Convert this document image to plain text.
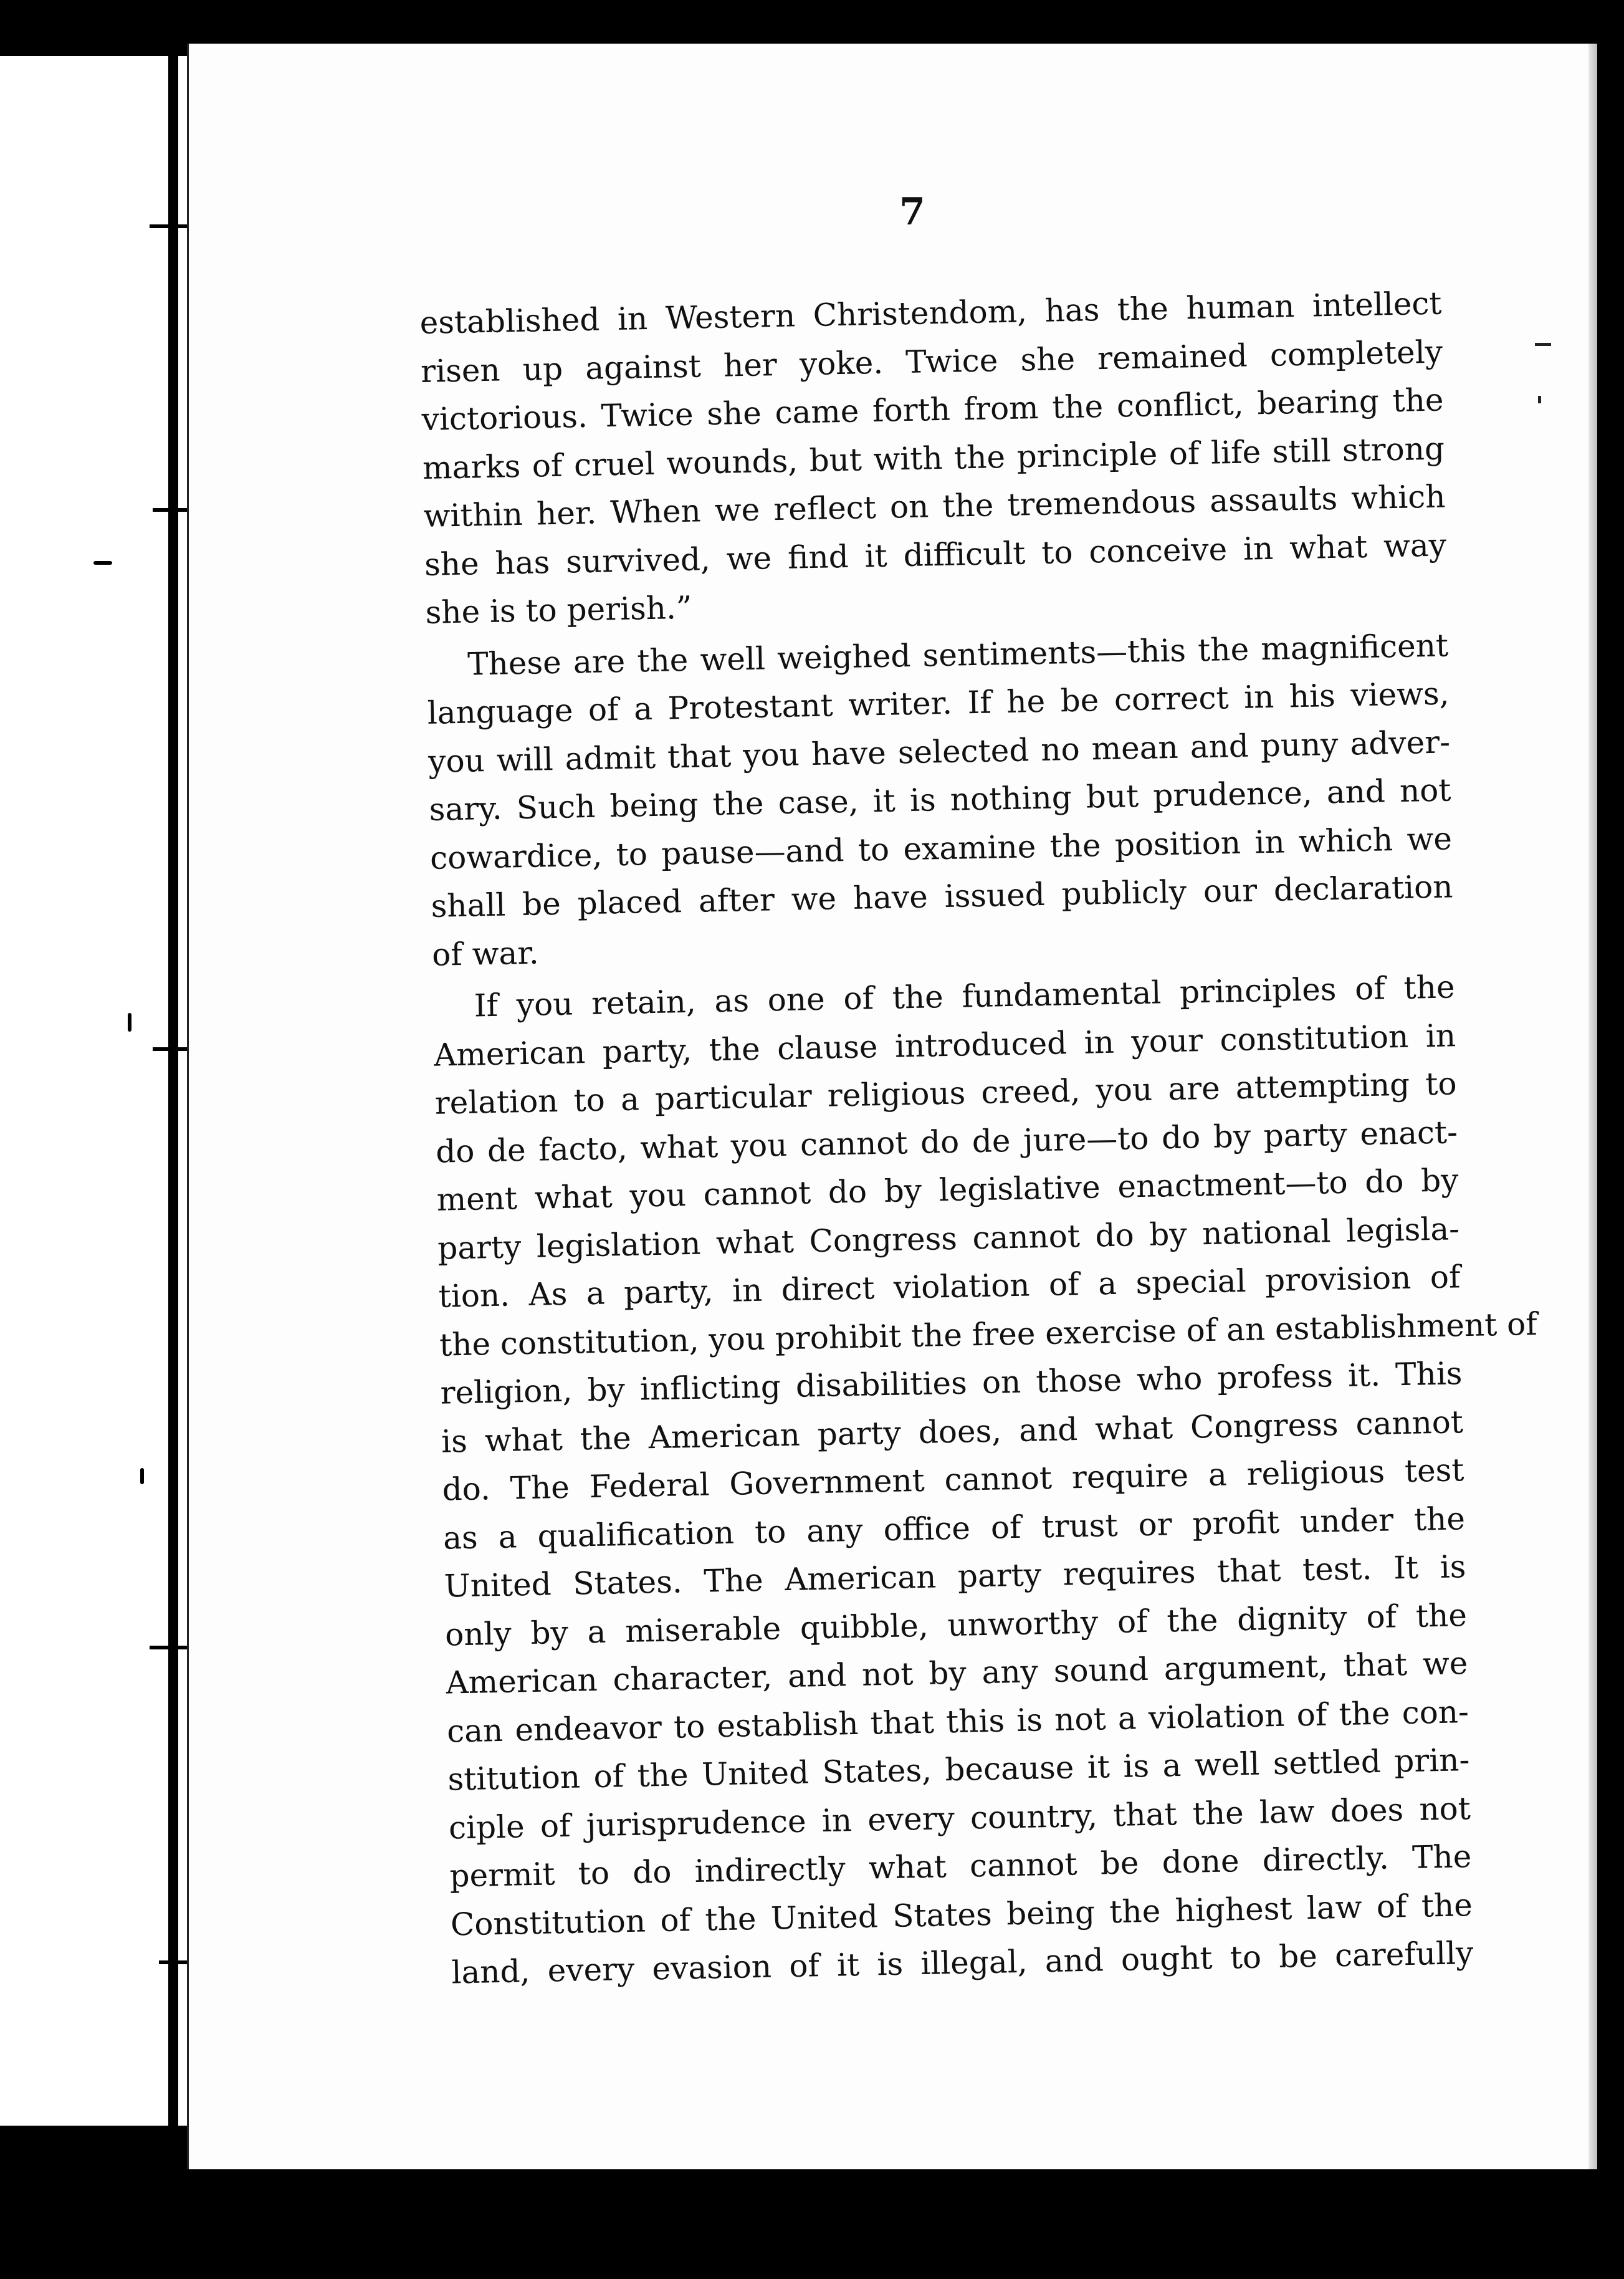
7
established in Western Christendom, has the human intellect
risen up against her yoke. Twice she remained completely
victorious. Twice she came forth from the conflict, bearing the
marks of cruel wounds, but with the principle of life still strong
within her. When we reflect on the tremendous assaults which
she has survived, we find it difficult to conceive in what way
she is to perish.”
These are the well weighed sentiments—this the magnificent
language of a Protestant writer. If he be correct in his views,
you will admit that you have selected no mean and puny adver-
sary. Such being the case, it is nothing but prudence, and not
cowardice, to pause—and to examine the position in which we
shall be placed after we have issued publicly our declaration
of war.
If you retain, as one of the fundamental principles of the
American party, the clause introduced in your constitution in
relation to a particular religious creed, you are attempting to
do de facto, what you cannot do de jure—to do by party enact-
ment what you cannot do by legislative enactment—to do by
party legislation what Congress cannot do by national legisla-
tion. As a party, in direct violation of a special provision of
the constitution, you prohibit the free exercise of an establishment of
religion, by inflicting disabilities on those who profess it. This
is what the American party does, and what Congress cannot
do. The Federal Government cannot require a religious test
as a qualification to any office of trust or profit under the
United States. The American party requires that test. It is
only by a miserable quibble, unworthy of the dignity of the
American character, and not by any sound argument, that we
can endeavor to establish that this is not a violation of the con-
stitution of the United States, because it is a well settled prin-
ciple of jurisprudence in every country, that the law does not
permit to do indirectly what cannot be done directly. The
Constitution of the United States being the highest law of the
land, every evasion of it is illegal, and ought to be carefully
